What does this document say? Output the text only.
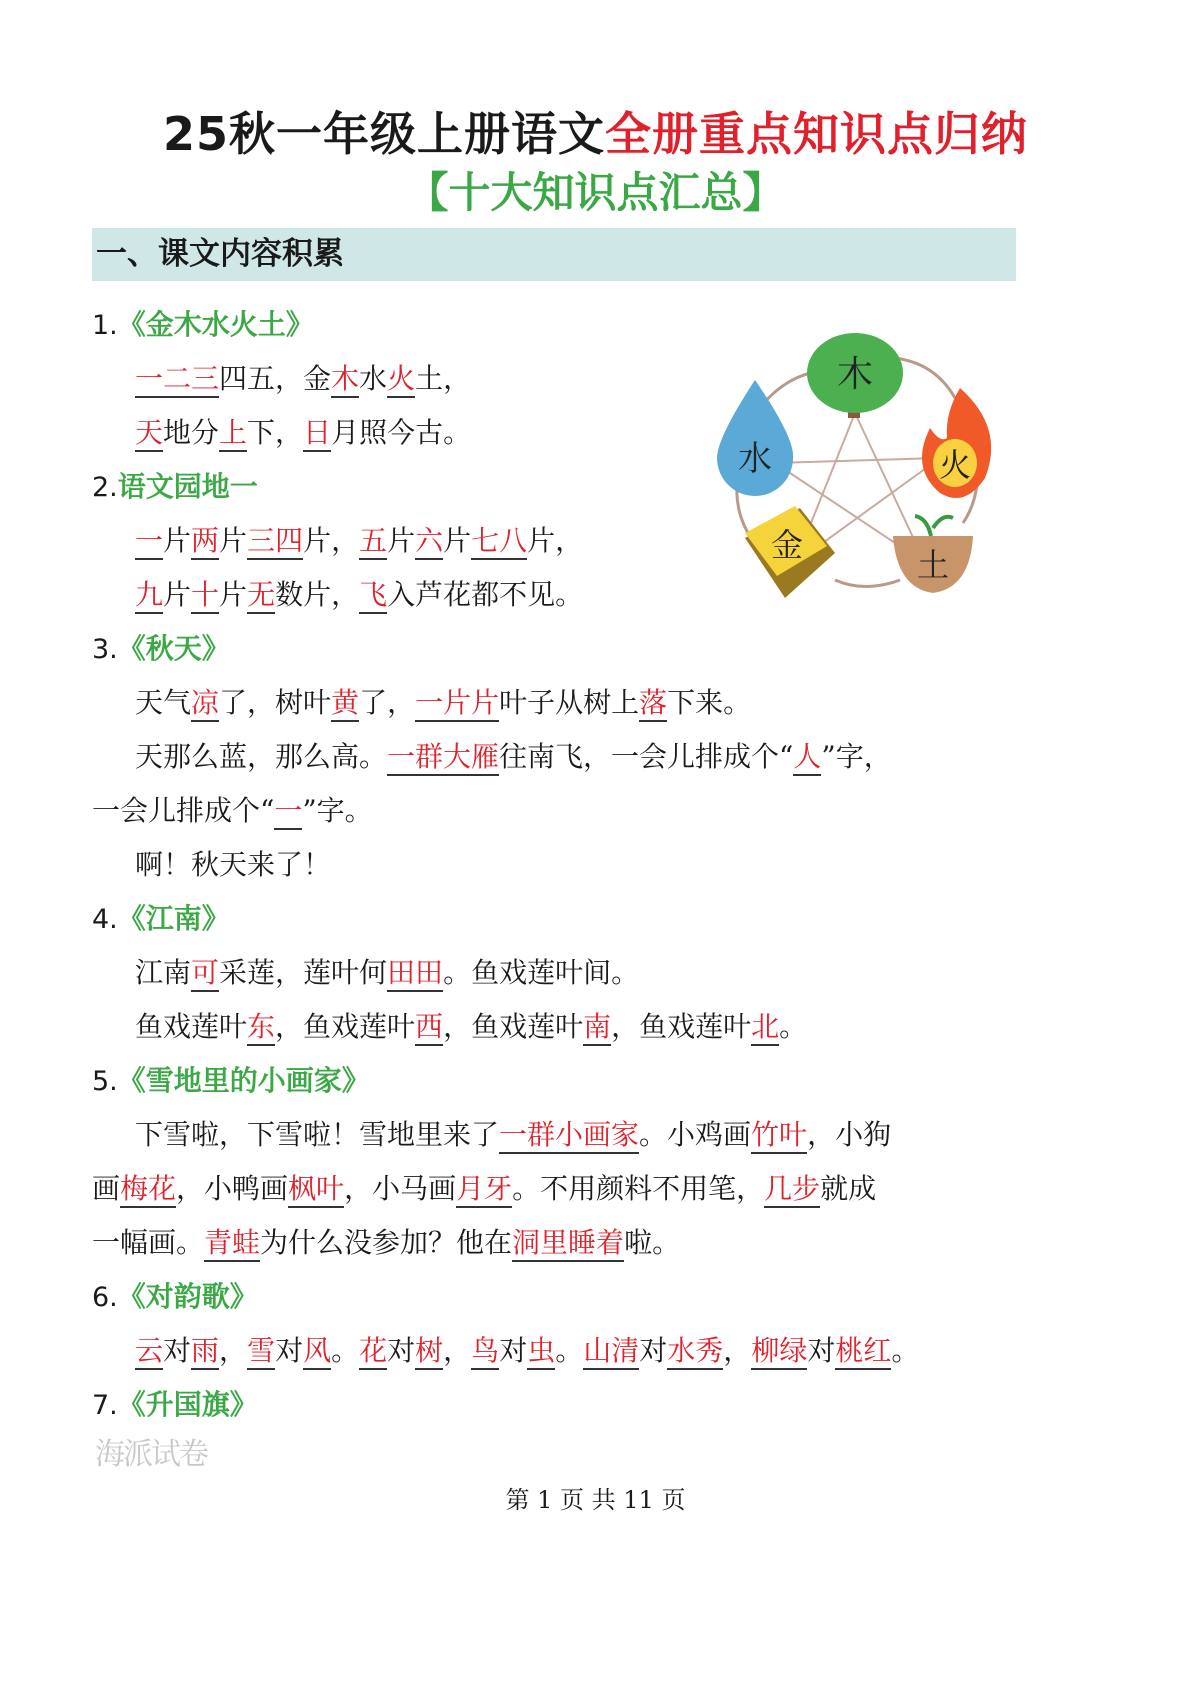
25秋一年级上册语文全册重点知识点归纳
【十大知识点汇总】
一、课文内容积累
1.《金木水火土》
一二三四五，金木水火土，
天地分上下，日月照今古。
2.语文园地一
一片两片三四片，五片六片七八片，
九片十片无数片，飞入芦花都不见。
3.《秋天》
天气凉了，树叶黄了，一片片叶子从树上落下来。
天那么蓝，那么高。一群大雁往南飞，一会儿排成个“人”字，
一会儿排成个“一”字。
啊！秋天来了！
4.《江南》
江南可采莲，莲叶何田田。鱼戏莲叶间。
鱼戏莲叶东，鱼戏莲叶西，鱼戏莲叶南，鱼戏莲叶北。
5.《雪地里的小画家》
下雪啦，下雪啦！雪地里来了一群小画家。小鸡画竹叶，小狗
画梅花，小鸭画枫叶，小马画月牙。不用颜料不用笔，几步就成
一幅画。青蛙为什么没参加？他在洞里睡着啦。
6.《对韵歌》
云对雨，雪对风。花对树，鸟对虫。山清对水秀，柳绿对桃红。
7.《升国旗》
木
火
水
金
土
海派试卷
第 1 页 共 11 页
